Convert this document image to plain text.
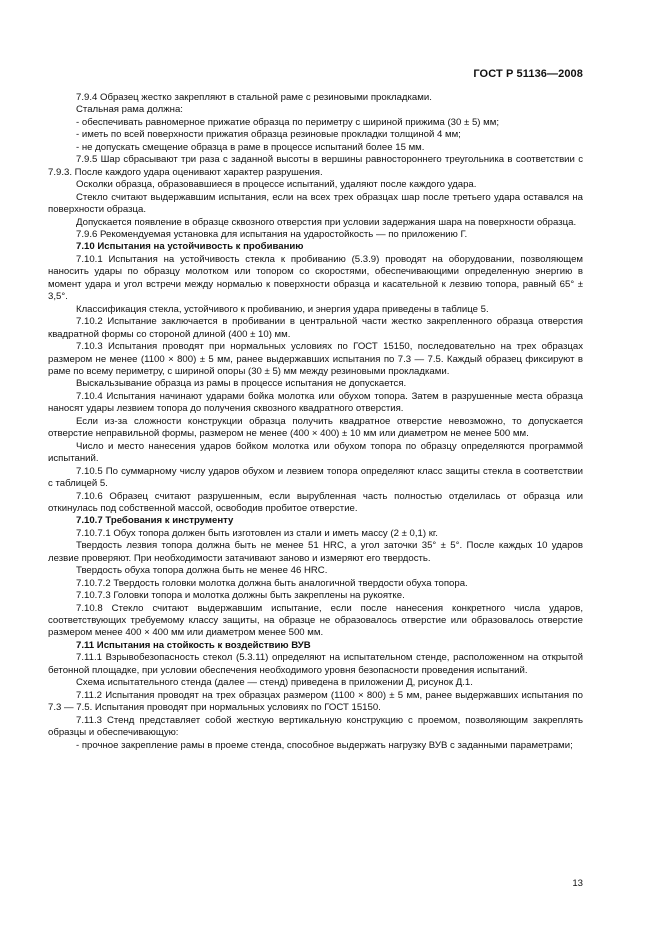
ГОСТ Р 51136—2008

7.9.4 Образец жестко закрепляют в стальной раме с резиновыми прокладками.

Стальная рама должна:

- обеспечивать равномерное прижатие образца по периметру с шириной прижима (30 ± 5) мм;

- иметь по всей поверхности прижатия образца резиновые прокладки толщиной 4 мм;

- не допускать смещение образца в раме в процессе испытаний более 15 мм.

7.9.5 Шар сбрасывают три раза с заданной высоты в вершины равностороннего треугольника в соответствии с 7.9.3. После каждого удара оценивают характер разрушения.

Осколки образца, образовавшиеся в процессе испытаний, удаляют после каждого удара.

Стекло считают выдержавшим испытания, если на всех трех образцах шар после третьего удара оставался на поверхности образца.

Допускается появление в образце сквозного отверстия при условии задержания шара на поверхности образца.

7.9.6 Рекомендуемая установка для испытания на ударостойкость — по приложению Г.

7.10 Испытания на устойчивость к пробиванию

7.10.1 Испытания на устойчивость стекла к пробиванию (5.3.9) проводят на оборудовании, позволяющем наносить удары по образцу молотком или топором со скоростями, обеспечивающими определенную энергию в момент удара и угол встречи между нормалью к поверхности образца и касательной к лезвию топора, равный 65° ± 3,5°.

Классификация стекла, устойчивого к пробиванию, и энергия удара приведены в таблице 5.

7.10.2 Испытание заключается в пробивании в центральной части жестко закрепленного образца отверстия квадратной формы со стороной длиной (400 ± 10) мм.

7.10.3 Испытания проводят при нормальных условиях по ГОСТ 15150, последовательно на трех образцах размером не менее (1100 × 800) ± 5 мм, ранее выдержавших испытания по 7.3 — 7.5. Каждый образец фиксируют в раме по всему периметру, с шириной опоры (30 ± 5) мм между резиновыми прокладками.

Выскальзывание образца из рамы в процессе испытания не допускается.

7.10.4 Испытания начинают ударами бойка молотка или обухом топора. Затем в разрушенные места образца наносят удары лезвием топора до получения сквозного квадратного отверстия.

Если из-за сложности конструкции образца получить квадратное отверстие невозможно, то допускается отверстие неправильной формы, размером не менее (400 × 400) ± 10 мм или диаметром не менее 500 мм.

Число и место нанесения ударов бойком молотка или обухом топора по образцу определяются программой испытаний.

7.10.5 По суммарному числу ударов обухом и лезвием топора определяют класс защиты стекла в соответствии с таблицей 5.

7.10.6 Образец считают разрушенным, если вырубленная часть полностью отделилась от образца или откинулась под собственной массой, освободив пробитое отверстие.

7.10.7 Требования к инструменту

7.10.7.1 Обух топора должен быть изготовлен из стали и иметь массу (2 ± 0,1) кг.

Твердость лезвия топора должна быть не менее 51 HRC, а угол заточки 35° ± 5°. После каждых 10 ударов лезвие проверяют. При необходимости затачивают заново и измеряют его твердость.

Твердость обуха топора должна быть не менее 46 HRC.

7.10.7.2 Твердость головки молотка должна быть аналогичной твердости обуха топора.

7.10.7.3 Головки топора и молотка должны быть закреплены на рукоятке.

7.10.8 Стекло считают выдержавшим испытание, если после нанесения конкретного числа ударов, соответствующих требуемому классу защиты, на образце не образовалось отверстие или образовалось отверстие размером менее 400 × 400 мм или диаметром менее 500 мм.

7.11 Испытания на стойкость к воздействию ВУВ

7.11.1 Взрывобезопасность стекол (5.3.11) определяют на испытательном стенде, расположенном на открытой бетонной площадке, при условии обеспечения необходимого уровня безопасности проведения испытаний.

Схема испытательного стенда (далее — стенд) приведена в приложении Д, рисунок Д.1.

7.11.2 Испытания проводят на трех образцах размером (1100 × 800) ± 5 мм, ранее выдержавших испытания по 7.3 — 7.5. Испытания проводят при нормальных условиях по ГОСТ 15150.

7.11.3 Стенд представляет собой жесткую вертикальную конструкцию с проемом, позволяющим закреплять образцы и обеспечивающую:

- прочное закрепление рамы в проеме стенда, способное выдержать нагрузку ВУВ с заданными параметрами;

13
